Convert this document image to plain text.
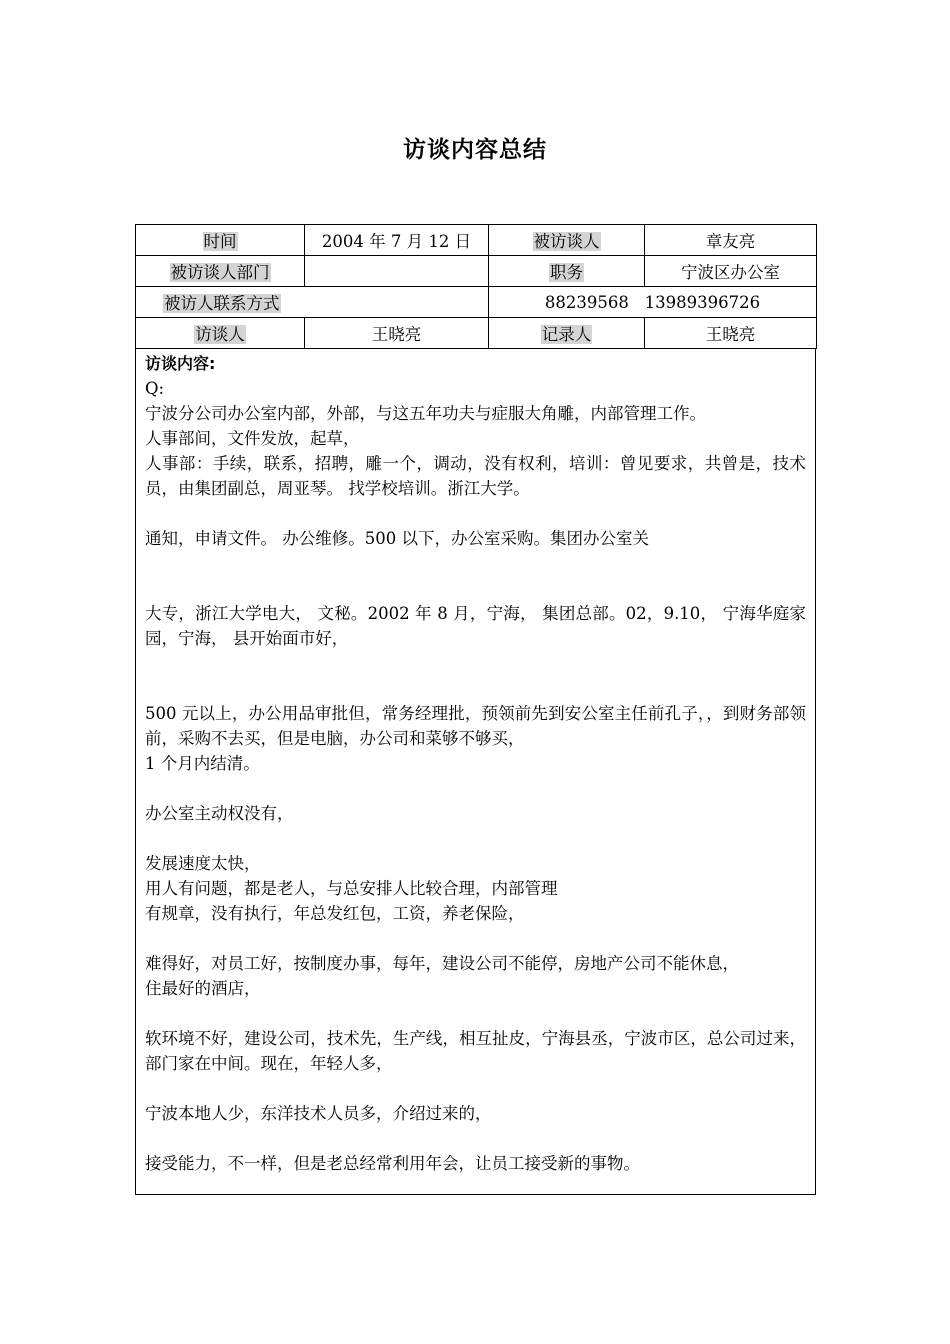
访谈内容总结
时间	2004 年 7 月 12 日	被访谈人	章友亮
被访谈人部门		职务	宁波区办公室
被访人联系方式		88239568   13989396726	
访谈人	王晓亮	记录人	王晓亮

访谈内容:

Q:

宁波分公司办公室内部，外部，与这五年功夫与症服大角雕，内部管理工作。

人事部间，文件发放，起草，

人事部：手续，联系，招聘，雕一个，调动，没有权利，培训：曾见要求，共曾是，技术员，由集团副总，周亚琴。 找学校培训。浙江大学。

通知，申请文件。 办公维修。500 以下，办公室采购。集团办公室关

大专，浙江大学电大， 文秘。2002 年 8 月，宁海， 集团总部。02，9.10， 宁海华庭家园，宁海， 县开始面市好，

500 元以上，办公用品审批但，常务经理批，预领前先到安公室主任前孔子，，到财务部领前，采购不去买，但是电脑，办公司和菜够不够买，

1 个月内结清。

办公室主动权没有，

发展速度太快，

用人有问题，都是老人，与总安排人比较合理，内部管理

有规章，没有执行，年总发红包，工资，养老保险，

难得好，对员工好，按制度办事，每年，建设公司不能停，房地产公司不能休息，

住最好的酒店，

软环境不好，建设公司，技术先，生产线，相互扯皮，宁海县丞，宁波市区，总公司过来，部门家在中间。现在，年轻人多，

宁波本地人少，东洋技术人员多，介绍过来的，

接受能力，不一样，但是老总经常利用年会，让员工接受新的事物。
